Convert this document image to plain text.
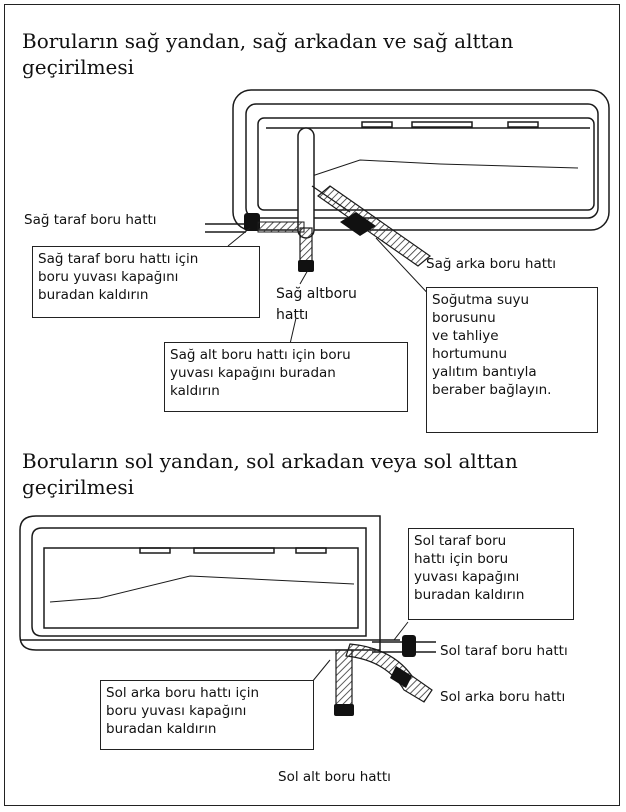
Boruların sağ yandan, sağ arkadan ve sağ alttan
geçirilmesi
Sağ taraf boru hattı
Sağ taraf boru hattı için
boru yuvası kapağını
buradan kaldırın	Sağ altboru
hattı
Sağ arka boru hattı
Soğutma suyu
borusunu
ve tahliye
hortumunu
yalıtım bantıyla
beraber bağlayın.
Sağ alt boru hattı için boru
yuvası kapağını buradan
kaldırın
Boruların sol yandan, sol arkadan veya sol alttan
geçirilmesi
Sol taraf boru
hattı için boru
yuvası kapağını
buradan kaldırın
Sol taraf boru hattı
Sol arka boru hattı
Sol arka boru hattı için
boru yuvası kapağını
buradan kaldırın
Sol alt boru hattı
